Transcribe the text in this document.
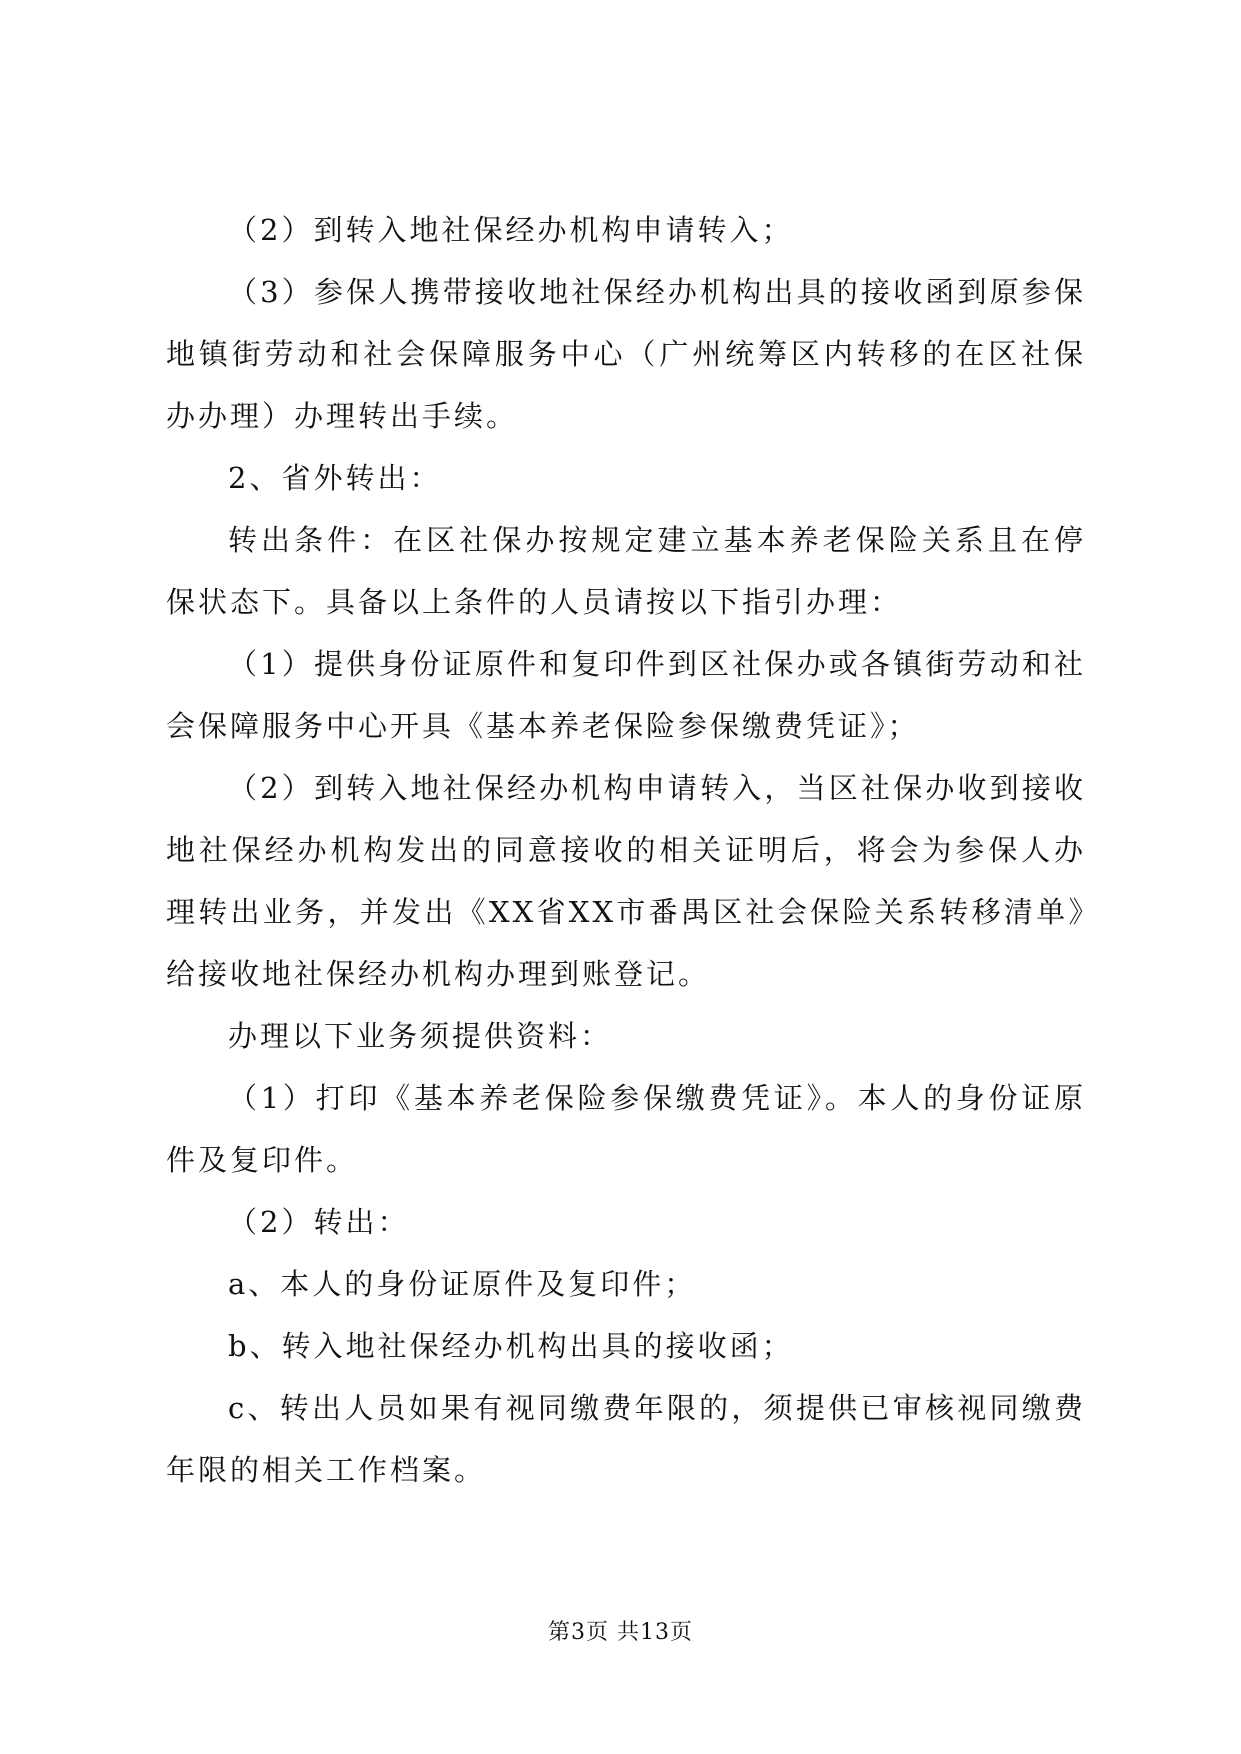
（2）到转入地社保经办机构申请转入；

（3）参保人携带接收地社保经办机构出具的接收函到原参保地镇街劳动和社会保障服务中心（广州统筹区内转移的在区社保办办理）办理转出手续。

2、省外转出：

转出条件：在区社保办按规定建立基本养老保险关系且在停保状态下。具备以上条件的人员请按以下指引办理：

（1）提供身份证原件和复印件到区社保办或各镇街劳动和社会保障服务中心开具《基本养老保险参保缴费凭证》；

（2）到转入地社保经办机构申请转入，当区社保办收到接收地社保经办机构发出的同意接收的相关证明后，将会为参保人办理转出业务，并发出《XX省XX市番禺区社会保险关系转移清单》给接收地社保经办机构办理到账登记。

办理以下业务须提供资料：

（1）打印《基本养老保险参保缴费凭证》。本人的身份证原件及复印件。

（2）转出：

a、本人的身份证原件及复印件；

b、转入地社保经办机构出具的接收函；

c、转出人员如果有视同缴费年限的，须提供已审核视同缴费年限的相关工作档案。

第3页 共13页
